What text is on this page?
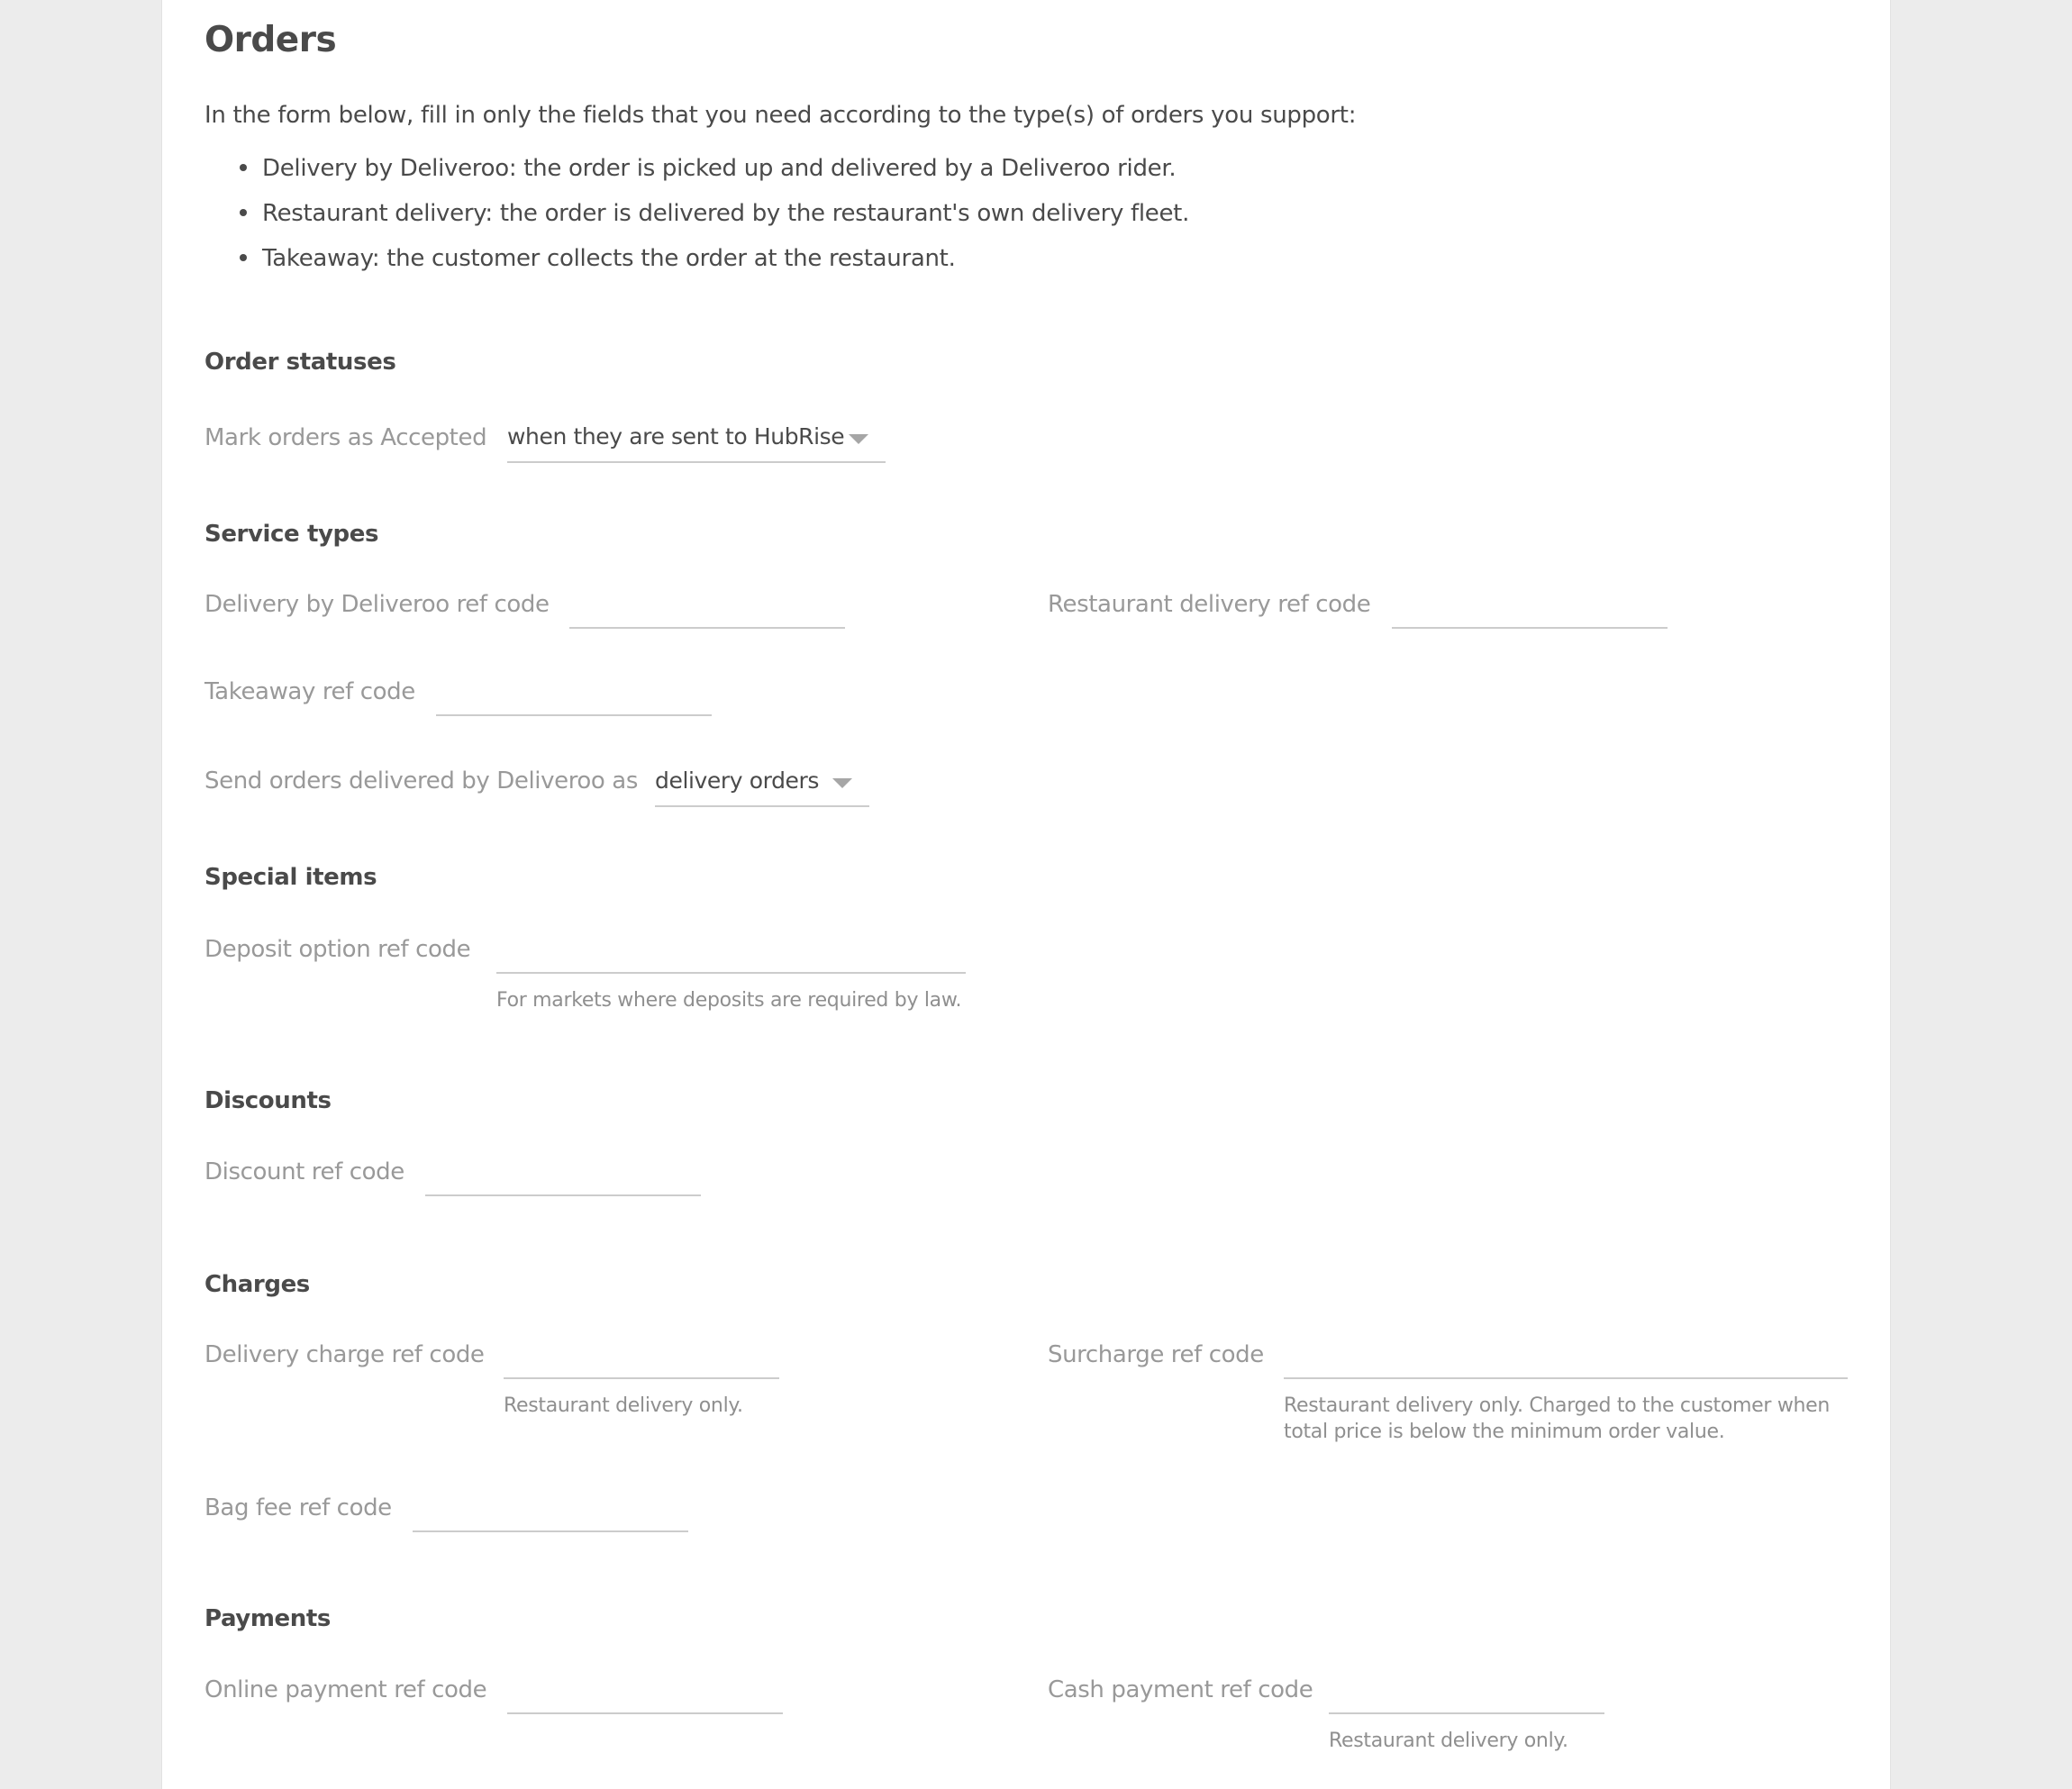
Orders
In the form below, fill in only the fields that you need according to the type(s) of orders you support:
Delivery by Deliveroo: the order is picked up and delivered by a Deliveroo rider.
Restaurant delivery: the order is delivered by the restaurant's own delivery fleet.
Takeaway: the customer collects the order at the restaurant.
Order statuses
Mark orders as Accepted when they are sent to HubRise
Service types
Delivery by Deliveroo ref code	Restaurant delivery ref code
Takeaway ref code
Send orders delivered by Deliveroo as delivery orders
Special items
Deposit option ref code
For markets where deposits are required by law.
Discounts
Discount ref code
Charges
Delivery charge ref code
Restaurant delivery only.
Surcharge ref code
Restaurant delivery only. Charged to the customer when
total price is below the minimum order value.
Bag fee ref code
Payments
Online payment ref code	Cash payment ref code
Restaurant delivery only.
